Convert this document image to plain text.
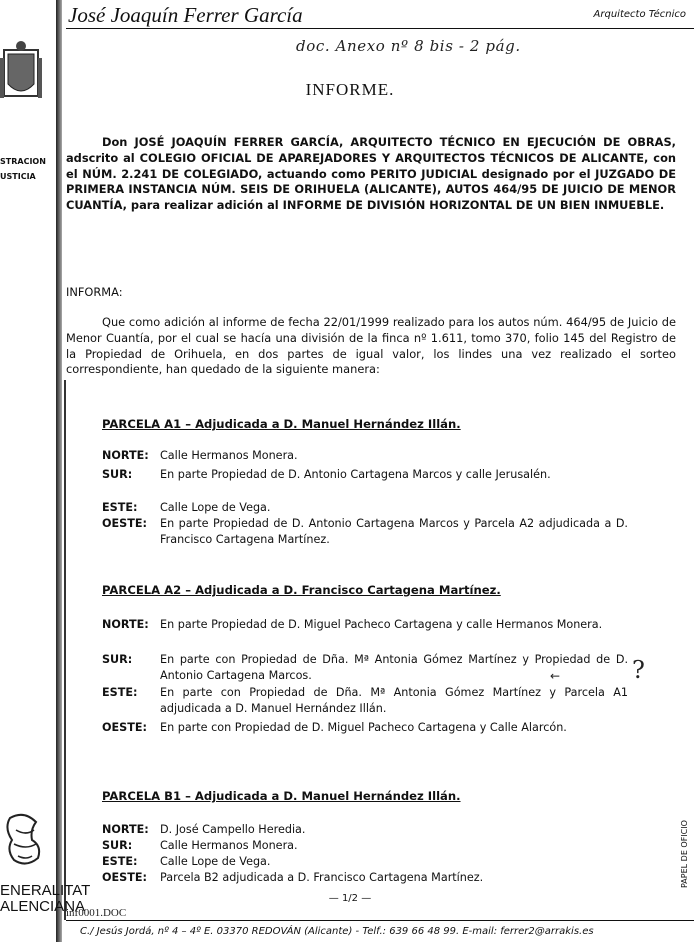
STRACION
USTICIA
ENERALITAT
ALENCIANA
inf0001.DOC
José Joaquín Ferrer García	Arquitecto Técnico
doc. Anexo nº 8 bis - 2 pág.
INFORME.
Don JOSÉ JOAQUÍN FERRER GARCÍA, ARQUITECTO TÉCNICO EN EJECUCIÓN DE OBRAS, adscrito al COLEGIO OFICIAL DE APAREJADORES Y ARQUITECTOS TÉCNICOS DE ALICANTE, con el NÚM. 2.241 DE COLEGIADO, actuando como PERITO JUDICIAL designado por el JUZGADO DE PRIMERA INSTANCIA NÚM. SEIS DE ORIHUELA (ALICANTE), AUTOS 464/95 DE JUICIO DE MENOR CUANTÍA, para realizar adición al INFORME DE DIVISIÓN HORIZONTAL DE UN BIEN INMUEBLE.
INFORMA:
Que como adición al informe de fecha 22/01/1999 realizado para los autos núm. 464/95 de Juicio de Menor Cuantía, por el cual se hacía una división de la finca nº 1.611, tomo 370, folio 145 del Registro de la Propiedad de Orihuela, en dos partes de igual valor, los lindes una vez realizado el sorteo correspondiente, han quedado de la siguiente manera:
PARCELA A1 – Adjudicada a D. Manuel Hernández Illán.
NORTE:	Calle Hermanos Monera.
SUR:	En parte Propiedad de D. Antonio Cartagena Marcos y calle Jerusalén.
ESTE:	Calle Lope de Vega.
OESTE:	En parte Propiedad de D. Antonio Cartagena Marcos y Parcela A2 adjudicada a D. Francisco Cartagena Martínez.
PARCELA A2 – Adjudicada a D. Francisco Cartagena Martínez.
NORTE:	En parte Propiedad de D. Miguel Pacheco Cartagena y calle Hermanos Monera.
SUR:	En parte con Propiedad de Dña. Mª Antonia Gómez Martínez y Propiedad de D. Antonio Cartagena Marcos.
ESTE:	En parte con Propiedad de Dña. Mª Antonia Gómez Martínez y Parcela A1 adjudicada a D. Manuel Hernández Illán.
OESTE:	En parte con Propiedad de D. Miguel Pacheco Cartagena y Calle Alarcón.
PARCELA B1 – Adjudicada a D. Manuel Hernández Illán.
NORTE:	D. José Campello Heredia.
SUR:	Calle Hermanos Monera.
ESTE:	Calle Lope de Vega.
OESTE:	Parcela B2 adjudicada a D. Francisco Cartagena Martínez.
←	?
— 1/2 —
PAPEL DE OFICIO
C./ Jesús Jordá, nº 4 – 4º E. 03370 REDOVÁN (Alicante) - Telf.: 639 66 48 99. E-mail: ferrer2@arrakis.es
